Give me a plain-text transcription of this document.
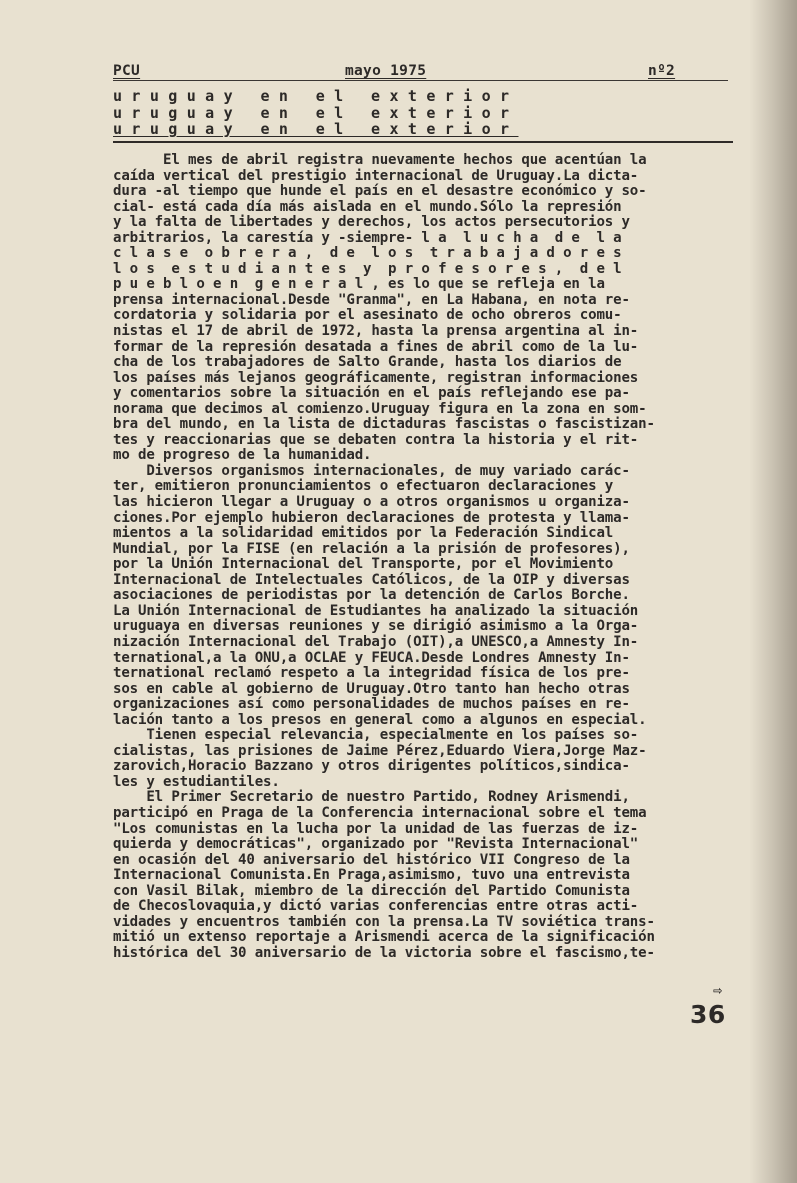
PCU	mayo 1975	nº2
uruguay en el exterior
uruguay en el exterior
uruguay en el exterior
El mes de abril registra nuevamente hechos que acentúan la
caída vertical del prestigio internacional de Uruguay.La dicta-
dura -al tiempo que hunde el país en el desastre económico y so-
cial- está cada día más aislada en el mundo.Sólo la represión
y la falta de libertades y derechos, los actos persecutorios y
arbitrarios, la carestía y -siempre- l a  l u c h a  d e  l a
c l a s e  o b r e r a ,  d e  l o s  t r a b a j a d o r e s
l o s  e s t u d i a n t e s  y  p r o f e s o r e s ,  d e l
p u e b l o e n  g e n e r a l , es lo que se refleja en la
prensa internacional.Desde "Granma", en La Habana, en nota re-
cordatoria y solidaria por el asesinato de ocho obreros comu-
nistas el 17 de abril de 1972, hasta la prensa argentina al in-
formar de la represión desatada a fines de abril como de la lu-
cha de los trabajadores de Salto Grande, hasta los diarios de
los países más lejanos geográficamente, registran informaciones
y comentarios sobre la situación en el país reflejando ese pa-
norama que decimos al comienzo.Uruguay figura en la zona en som-
bra del mundo, en la lista de dictaduras fascistas o fascistizan-
tes y reaccionarias que se debaten contra la historia y el rit-
mo de progreso de la humanidad.
Diversos organismos internacionales, de muy variado carác-
ter, emitieron pronunciamientos o efectuaron declaraciones y
las hicieron llegar a Uruguay o a otros organismos u organiza-
ciones.Por ejemplo hubieron declaraciones de protesta y llama-
mientos a la solidaridad emitidos por la Federación Sindical
Mundial, por la FISE (en relación a la prisión de profesores),
por la Unión Internacional del Transporte, por el Movimiento
Internacional de Intelectuales Católicos, de la OIP y diversas
asociaciones de periodistas por la detención de Carlos Borche.
La Unión Internacional de Estudiantes ha analizado la situación
uruguaya en diversas reuniones y se dirigió asimismo a la Orga-
nización Internacional del Trabajo (OIT),a UNESCO,a Amnesty In-
ternational,a la ONU,a OCLAE y FEUCA.Desde Londres Amnesty In-
ternational reclamó respeto a la integridad física de los pre-
sos en cable al gobierno de Uruguay.Otro tanto han hecho otras
organizaciones así como personalidades de muchos países en re-
lación tanto a los presos en general como a algunos en especial.
Tienen especial relevancia, especialmente en los países so-
cialistas, las prisiones de Jaime Pérez,Eduardo Viera,Jorge Maz-
zarovich,Horacio Bazzano y otros dirigentes políticos,sindica-
les y estudiantiles.
El Primer Secretario de nuestro Partido, Rodney Arismendi,
participó en Praga de la Conferencia internacional sobre el tema
"Los comunistas en la lucha por la unidad de las fuerzas de iz-
quierda y democráticas", organizado por "Revista Internacional"
en ocasión del 40 aniversario del histórico VII Congreso de la
Internacional Comunista.En Praga,asimismo, tuvo una entrevista
con Vasil Bilak, miembro de la dirección del Partido Comunista
de Checoslovaquia,y dictó varias conferencias entre otras acti-
vidades y encuentros también con la prensa.La TV soviética trans-
mitió un extenso reportaje a Arismendi acerca de la significación
histórica del 30 aniversario de la victoria sobre el fascismo,te-
⇨
36
